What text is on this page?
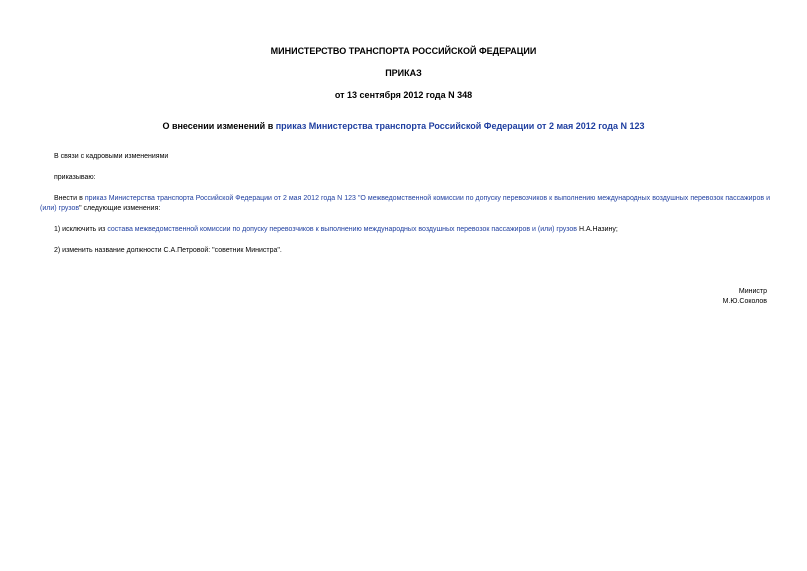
МИНИСТЕРСТВО ТРАНСПОРТА РОССИЙСКОЙ ФЕДЕРАЦИИ
ПРИКАЗ
от 13 сентября 2012 года N 348
О внесении изменений в приказ Министерства транспорта Российской Федерации от 2 мая 2012 года N 123
В связи с кадровыми изменениями
приказываю:
Внести в приказ Министерства транспорта Российской Федерации от 2 мая 2012 года N 123 "О межведомственной комиссии по допуску перевозчиков к выполнению международных воздушных перевозок пассажиров и (или) грузов" следующие изменения:
1) исключить из состава межведомственной комиссии по допуску перевозчиков к выполнению международных воздушных перевозок пассажиров и (или) грузов Н.А.Назину;
2) изменить название должности С.А.Петровой: "советник Министра".
Министр
М.Ю.Соколов
